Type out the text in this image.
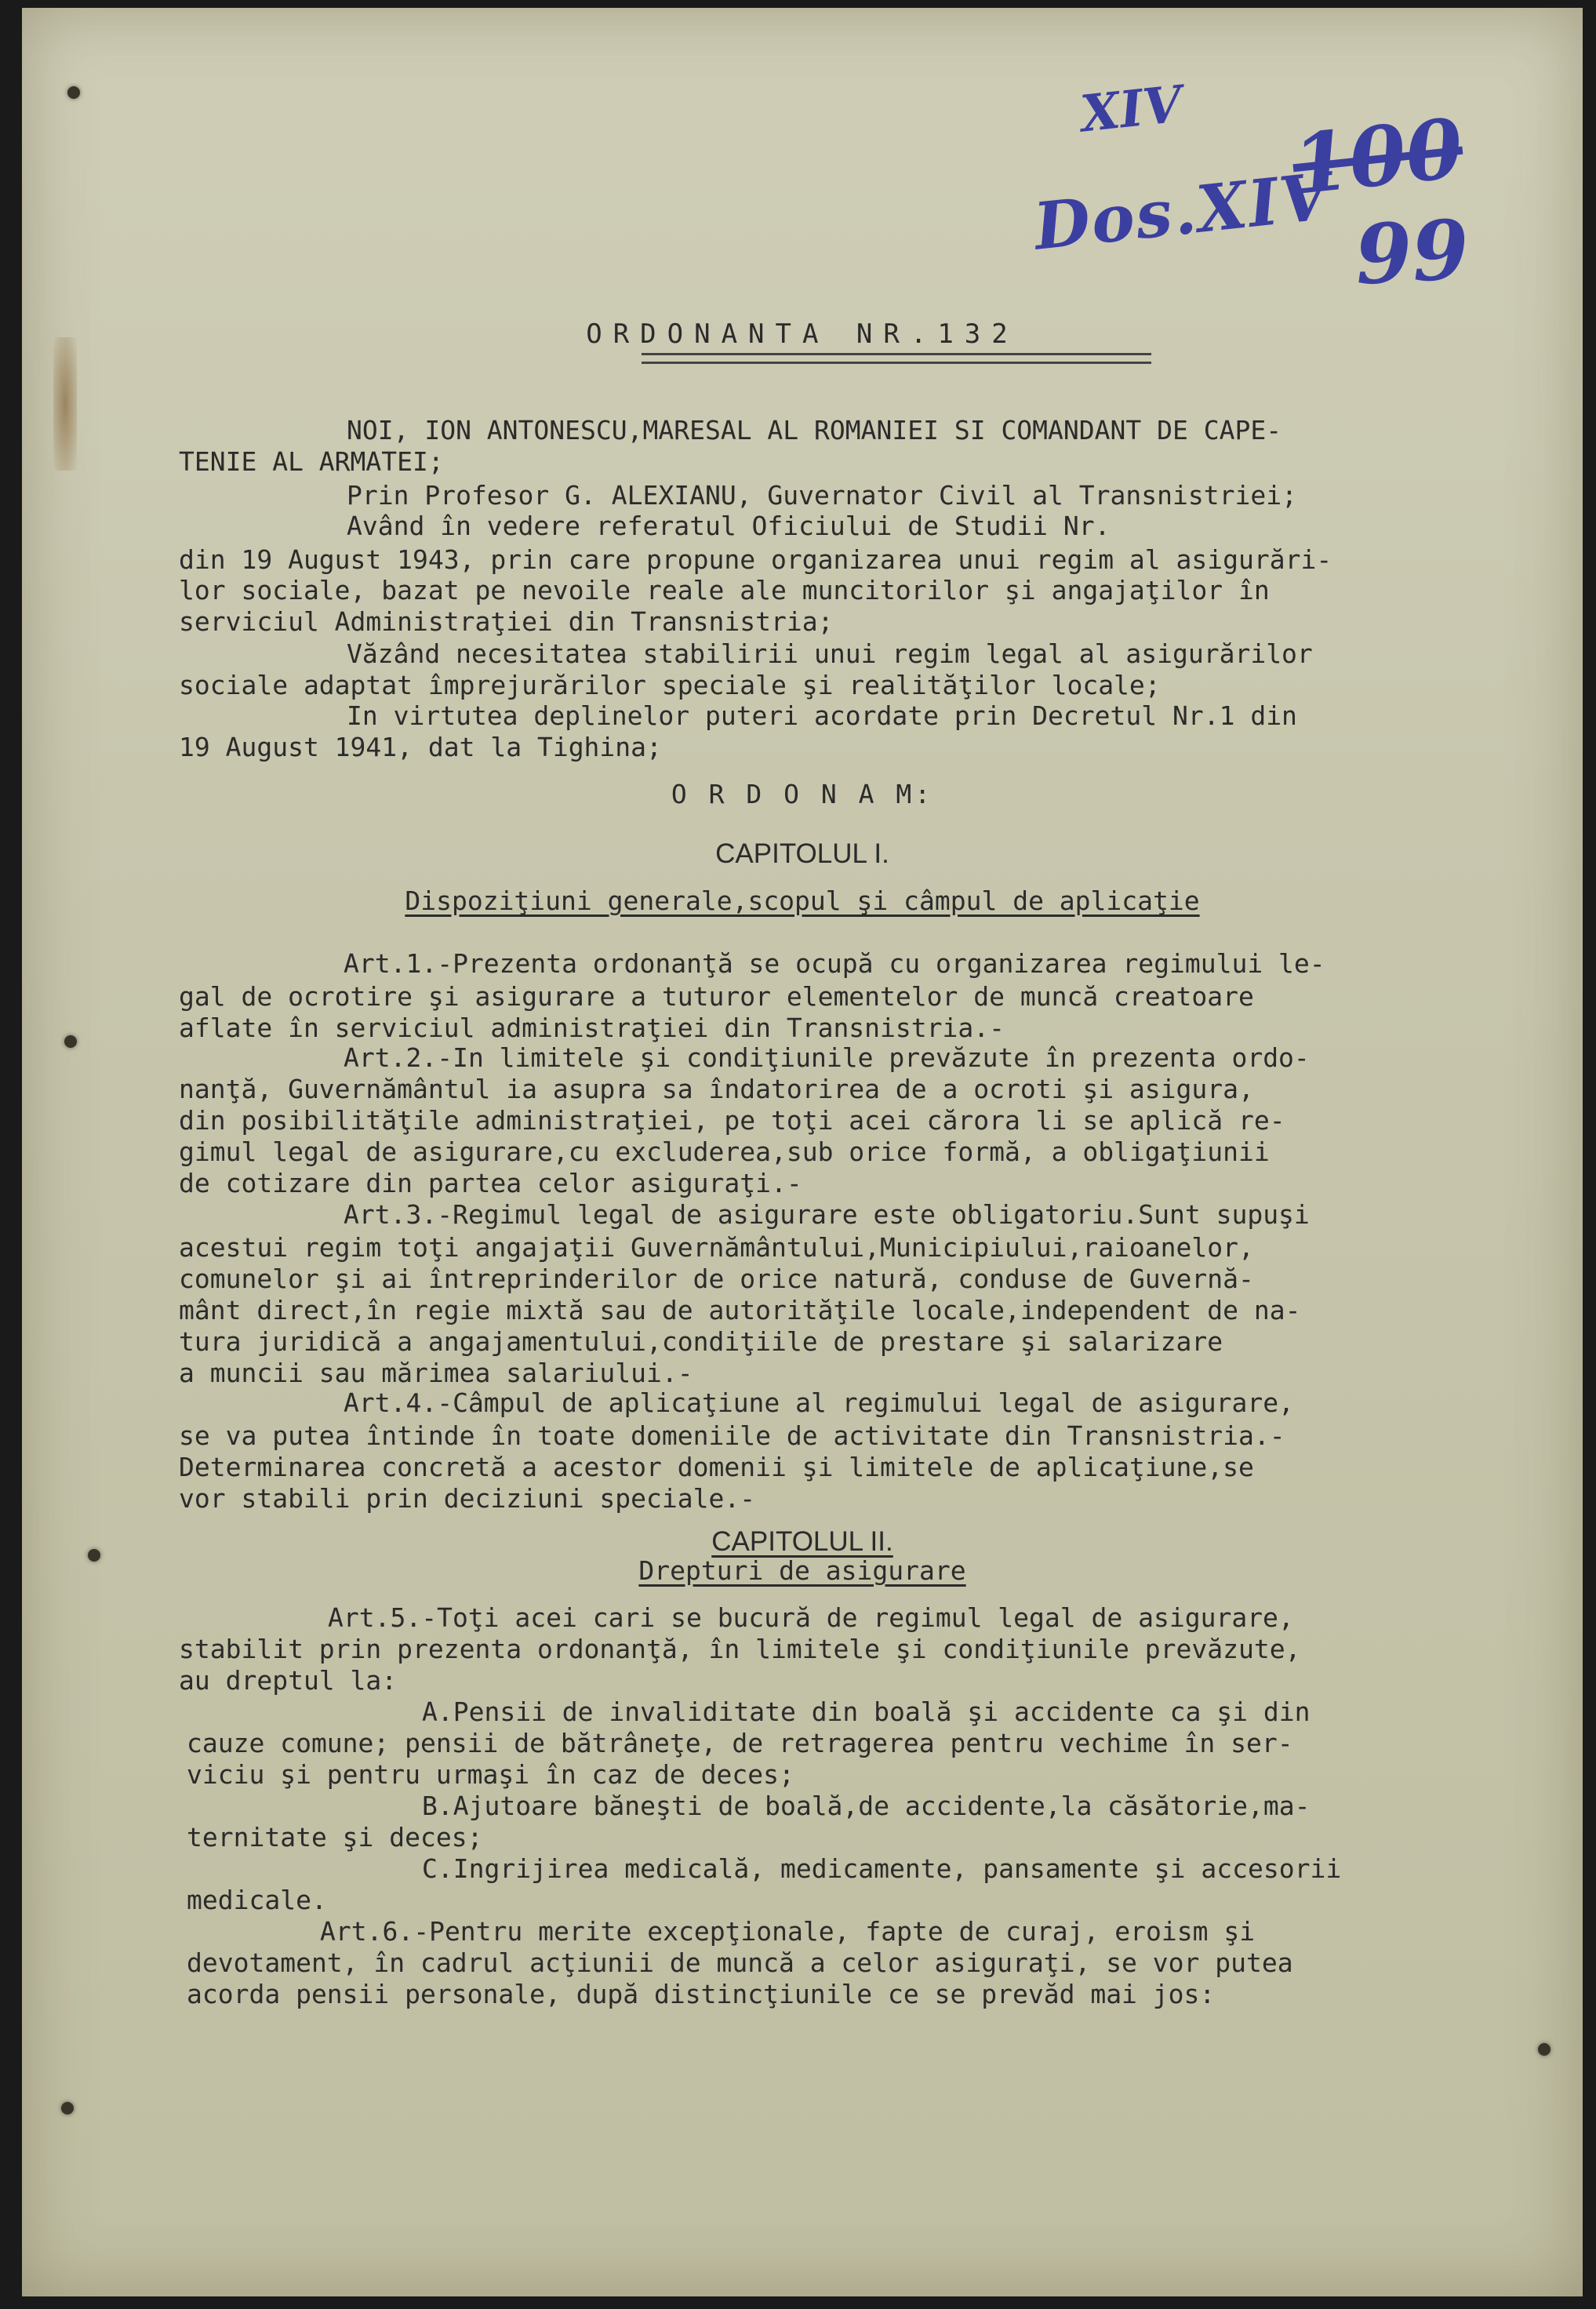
XIV
Dos.XIV
100
99
ORDONANTA NR.132
NOI, ION ANTONESCU,MARESAL AL ROMANIEI SI COMANDANT DE CAPE-
TENIE AL ARMATEI;
Prin Profesor G. ALEXIANU, Guvernator Civil al Transnistriei;
Având în vedere referatul Oficiului de Studii Nr.
din 19 August 1943, prin care propune organizarea unui regim al asigurări-
lor sociale, bazat pe nevoile reale ale muncitorilor şi angajaţilor în
serviciul Administraţiei din Transnistria;
Văzând necesitatea stabilirii unui regim legal al asigurărilor
sociale adaptat împrejurărilor speciale şi realităţilor locale;
In virtutea deplinelor puteri acordate prin Decretul Nr.1 din
19 August 1941, dat la Tighina;
O R D O N A M:
CAPITOLUL I.
Dispoziţiuni generale,scopul şi câmpul de aplicaţie
Art.1.-Prezenta ordonanţă se ocupă cu organizarea regimului le-
gal de ocrotire şi asigurare a tuturor elementelor de muncă creatoare
aflate în serviciul administraţiei din Transnistria.-
Art.2.-In limitele şi condiţiunile prevăzute în prezenta ordo-
nanţă, Guvernământul ia asupra sa îndatorirea de a ocroti şi asigura,
din posibilităţile administraţiei, pe toţi acei cărora li se aplică re-
gimul legal de asigurare,cu excluderea,sub orice formă, a obligaţiunii
de cotizare din partea celor asiguraţi.-
Art.3.-Regimul legal de asigurare este obligatoriu.Sunt supuşi
acestui regim toţi angajaţii Guvernământului,Municipiului,raioanelor,
comunelor şi ai întreprinderilor de orice natură, conduse de Guvernă-
mânt direct,în regie mixtă sau de autorităţile locale,independent de na-
tura juridică a angajamentului,condiţiile de prestare şi salarizare
a muncii sau mărimea salariului.-
Art.4.-Câmpul de aplicaţiune al regimului legal de asigurare,
se va putea întinde în toate domeniile de activitate din Transnistria.-
Determinarea concretă a acestor domenii şi limitele de aplicaţiune,se
vor stabili prin deciziuni speciale.-
CAPITOLUL II.
Drepturi de asigurare
Art.5.-Toţi acei cari se bucură de regimul legal de asigurare,
stabilit prin prezenta ordonanţă, în limitele şi condiţiunile prevăzute,
au dreptul la:
A.Pensii de invaliditate din boală şi accidente ca şi din
cauze comune; pensii de bătrâneţe, de retragerea pentru vechime în ser-
viciu şi pentru urmaşi în caz de deces;
B.Ajutoare băneşti de boală,de accidente,la căsătorie,ma-
ternitate şi deces;
C.Ingrijirea medicală, medicamente, pansamente şi accesorii
medicale.
Art.6.-Pentru merite excepţionale, fapte de curaj, eroism şi
devotament, în cadrul acţiunii de muncă a celor asiguraţi, se vor putea
acorda pensii personale, după distincţiunile ce se prevăd mai jos:
